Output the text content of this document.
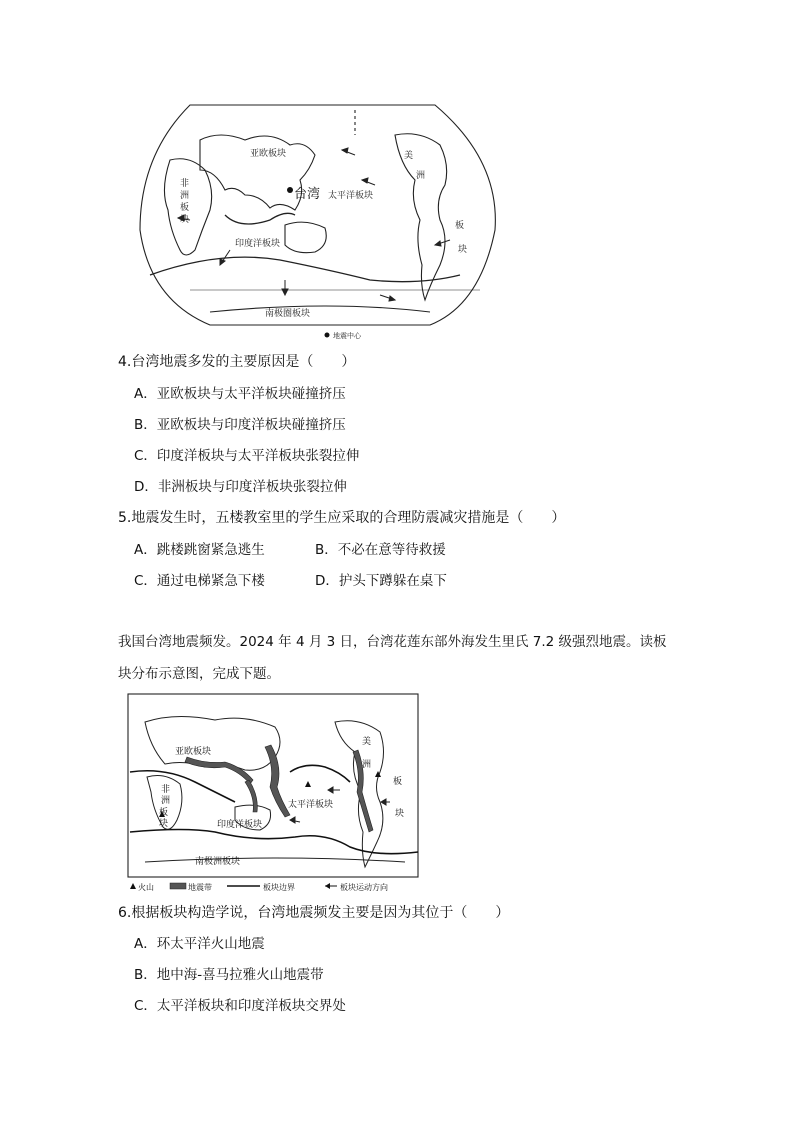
亚欧板块
非
洲
板
块
太平洋板块
美
洲
板
块
印度洋板块
南极圈板块
台湾
地震中心
4.台湾地震多发的主要原因是（　　）
A．亚欧板块与太平洋板块碰撞挤压
B．亚欧板块与印度洋板块碰撞挤压
C．印度洋板块与太平洋板块张裂拉伸
D．非洲板块与印度洋板块张裂拉伸
5.地震发生时，五楼教室里的学生应采取的合理防震减灾措施是（　　）
A．跳楼跳窗紧急逃生	B．不必在意等待救援
C．通过电梯紧急下楼	D．护头下蹲躲在桌下
我国台湾地震频发。2024 年 4 月 3 日，台湾花莲东部外海发生里氏 7.2 级强烈地震。读板
块分布示意图，完成下题。
亚欧板块
美
洲
板
块
非
洲
板
块
太平洋板块
印度洋板块
南极洲板块
火山	地震带	板块边界	板块运动方向
6.根据板块构造学说，台湾地震频发主要是因为其位于（　　）
A．环太平洋火山地震
B．地中海-喜马拉雅火山地震带
C．太平洋板块和印度洋板块交界处
